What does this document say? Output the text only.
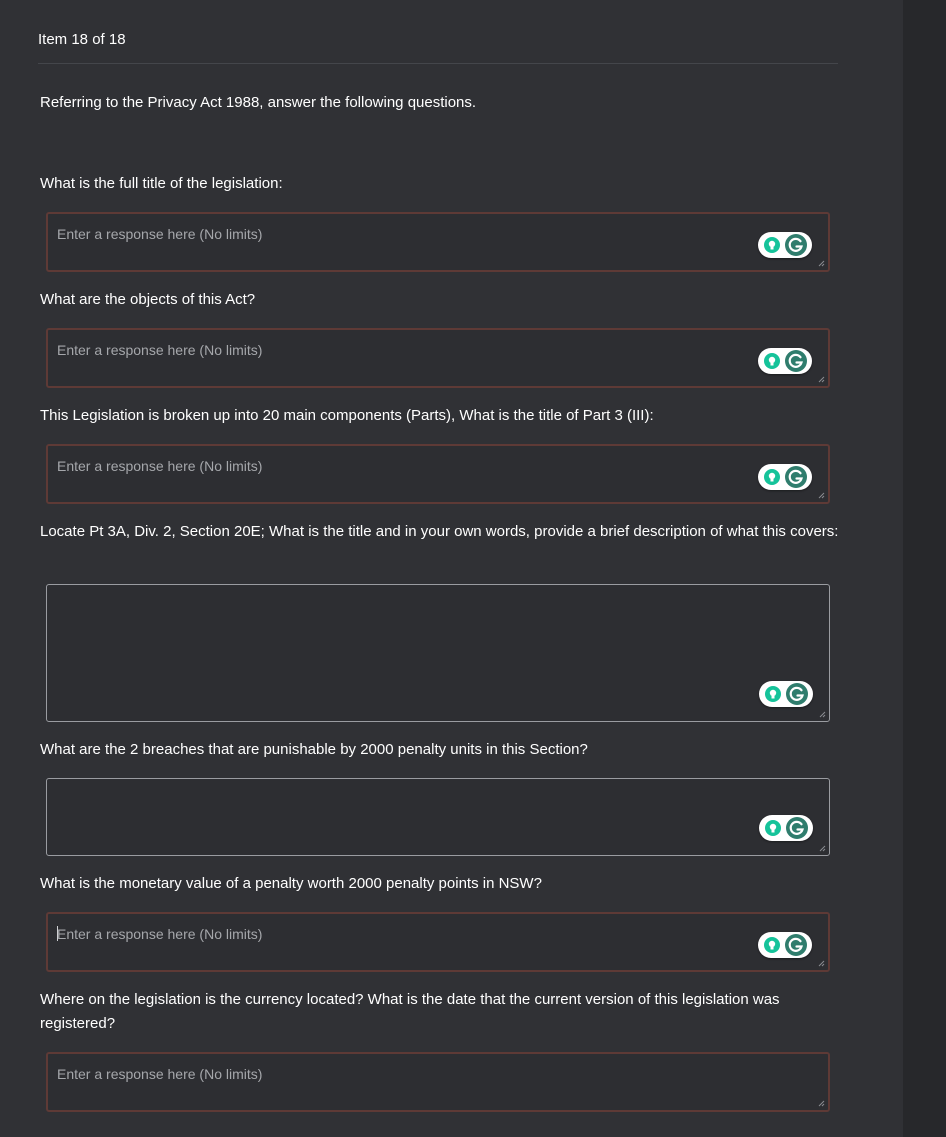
Item 18 of 18
Referring to the Privacy Act 1988, answer the following questions.
What is the full title of the legislation:
Enter a response here (No limits)
What are the objects of this Act?
Enter a response here (No limits)
This Legislation is broken up into 20 main components (Parts), What is the title of Part 3 (III):
Enter a response here (No limits)
Locate Pt 3A, Div. 2, Section 20E; What is the title and in your own words, provide a brief description of what this covers:
What are the 2 breaches that are punishable by 2000 penalty units in this Section?
What is the monetary value of a penalty worth 2000 penalty points in NSW?
Enter a response here (No limits)
Where on the legislation is the currency located? What is the date that the current version of this legislation was registered?
Enter a response here (No limits)
